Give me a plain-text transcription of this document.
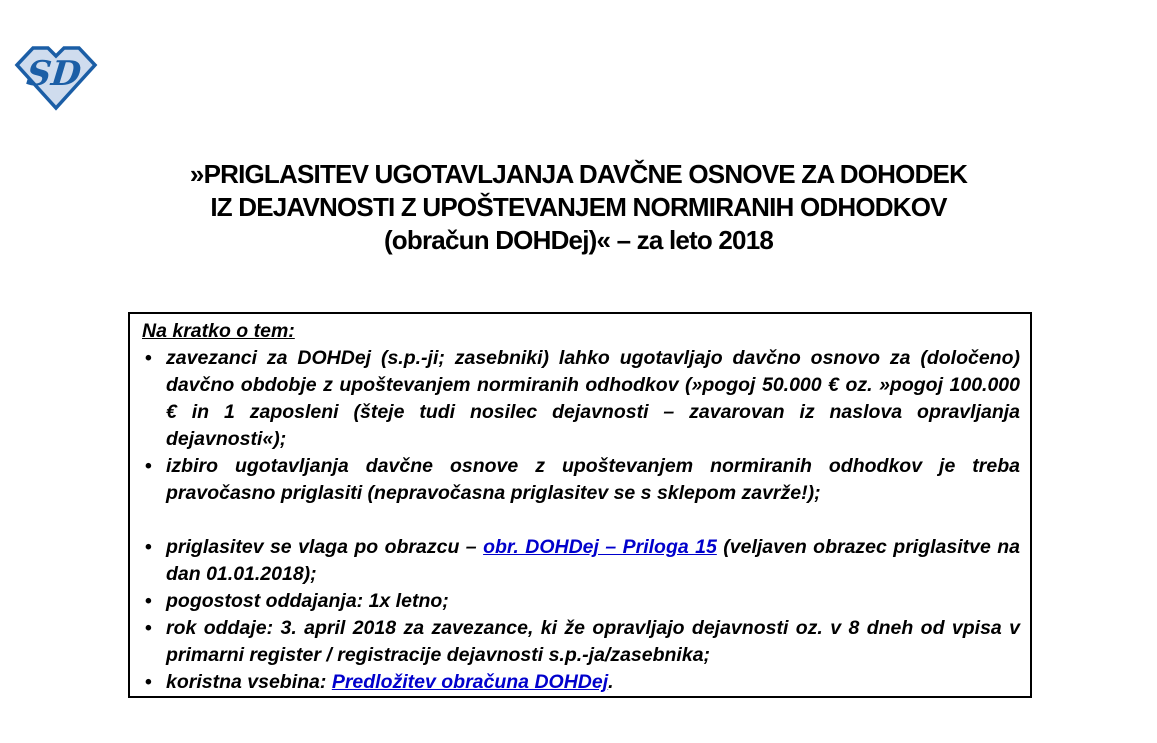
SD
»PRIGLASITEV UGOTAVLJANJA DAVČNE OSNOVE ZA DOHODEK
IZ DEJAVNOSTI Z UPOŠTEVANJEM NORMIRANIH ODHODKOV
(obračun DOHDej)« – za leto 2018
Na kratko o tem:
• zavezanci za DOHDej (s.p.-ji; zasebniki) lahko ugotavljajo davčno osnovo za (določeno) davčno obdobje z upoštevanjem normiranih odhodkov (»pogoj 50.000 € oz. »pogoj 100.000 € in 1 zaposleni (šteje tudi nosilec dejavnosti – zavarovan iz naslova opravljanja dejavnosti«);
• izbiro ugotavljanja davčne osnove z upoštevanjem normiranih odhodkov je treba pravočasno priglasiti (nepravočasna priglasitev se s sklepom zavrže!);
• priglasitev se vlaga po obrazcu – obr. DOHDej – Priloga 15 (veljaven obrazec priglasitve na dan 01.01.2018);
• pogostost oddajanja: 1x letno;
• rok oddaje: 3. april 2018 za zavezance, ki že opravljajo dejavnosti oz. v 8 dneh od vpisa v primarni register / registracije dejavnosti s.p.-ja/zasebnika;
• koristna vsebina: Predložitev obračuna DOHDej.
